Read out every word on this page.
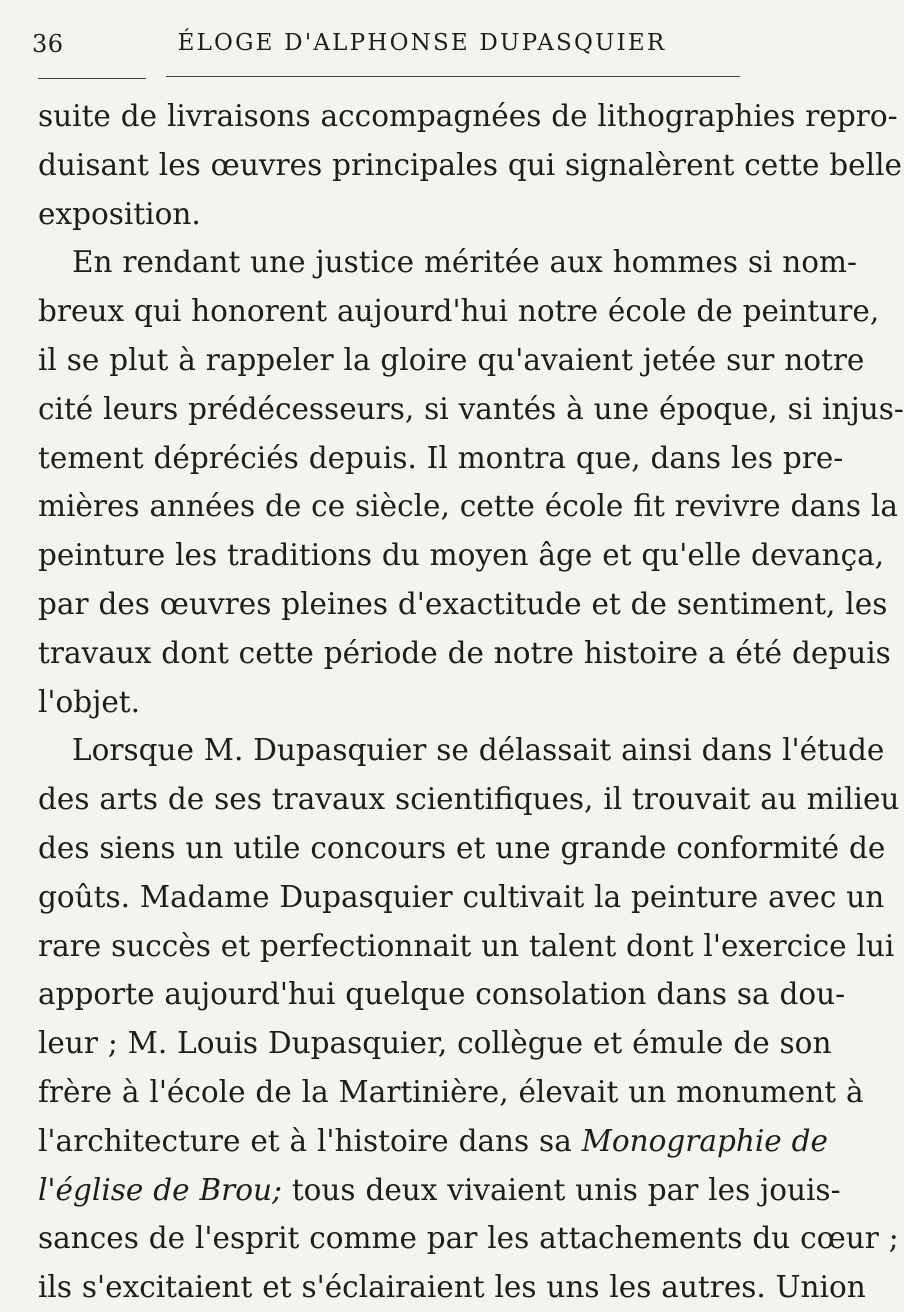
36	ÉLOGE D'ALPHONSE DUPASQUIER
suite de livraisons accompagnées de lithographies repro-
duisant les œuvres principales qui signalèrent cette belle
exposition.
En rendant une justice méritée aux hommes si nom-
breux qui honorent aujourd'hui notre école de peinture,
il se plut à rappeler la gloire qu'avaient jetée sur notre
cité leurs prédécesseurs, si vantés à une époque, si injus-
tement dépréciés depuis. Il montra que, dans les pre-
mières années de ce siècle, cette école fit revivre dans la
peinture les traditions du moyen âge et qu'elle devança,
par des œuvres pleines d'exactitude et de sentiment, les
travaux dont cette période de notre histoire a été depuis
l'objet.
Lorsque M. Dupasquier se délassait ainsi dans l'étude
des arts de ses travaux scientifiques, il trouvait au milieu
des siens un utile concours et une grande conformité de
goûts. Madame Dupasquier cultivait la peinture avec un
rare succès et perfectionnait un talent dont l'exercice lui
apporte aujourd'hui quelque consolation dans sa dou-
leur ; M. Louis Dupasquier, collègue et émule de son
frère à l'école de la Martinière, élevait un monument à
l'architecture et à l'histoire dans sa Monographie de
l'église de Brou; tous deux vivaient unis par les jouis-
sances de l'esprit comme par les attachements du cœur ;
ils s'excitaient et s'éclairaient les uns les autres. Union
